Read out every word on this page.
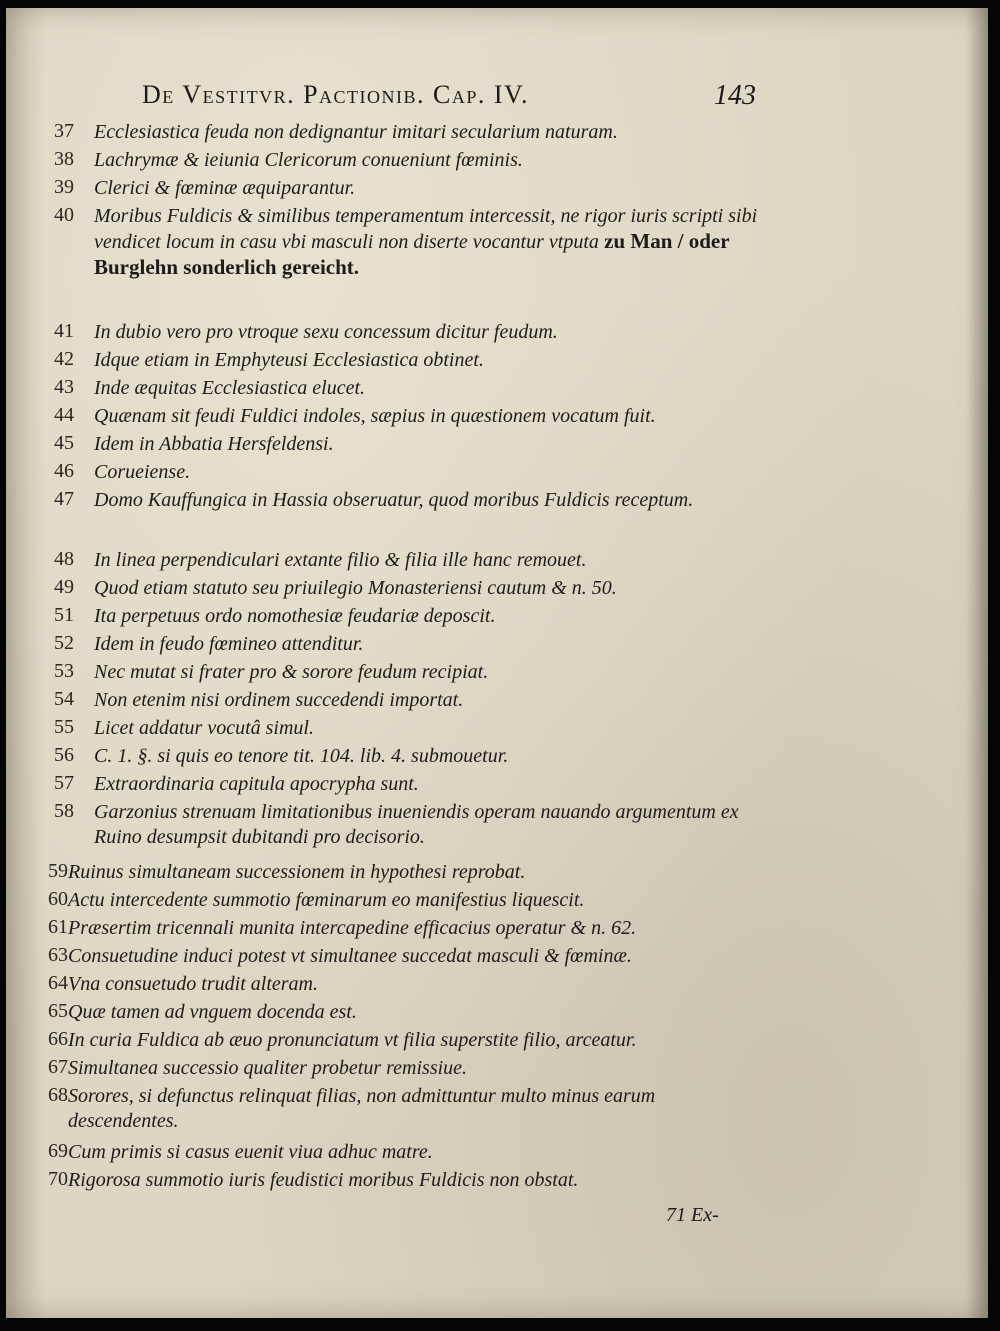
De Vestitvr. Pactionib. Cap. IV.	143
37 Ecclesiastica feuda non dedignantur imitari secularium naturam.
38 Lachrymæ & ieiunia Clericorum conueniunt fœminis.
39 Clerici & fœminæ æquiparantur.
40 Moribus Fuldicis & similibus temperamentum intercessit, ne rigor iuris scripti sibi vendicet locum in casu vbi masculi non diserte vocantur vtputa zu Man / oder Burglehn sonderlich gereicht.
41 In dubio vero pro vtroque sexu concessum dicitur feudum.
42 Idque etiam in Emphyteusi Ecclesiastica obtinet.
43 Inde æquitas Ecclesiastica elucet.
44 Quænam sit feudi Fuldici indoles, sæpius in quæstionem vocatum fuit.
45 Idem in Abbatia Hersfeldensi.
46 Corueiense.
47 Domo Kauffungica in Hassia obseruatur, quod moribus Fuldicis receptum.
48 In linea perpendiculari extante filio & filia ille hanc remouet.
49 Quod etiam statuto seu priuilegio Monasteriensi cautum & n. 50.
51 Ita perpetuus ordo nomothesiæ feudariæ deposcit.
52 Idem in feudo fœmineo attenditur.
53 Nec mutat si frater pro & sorore feudum recipiat.
54 Non etenim nisi ordinem succedendi importat.
55 Licet addatur vocutâ simul.
56 C. 1. §. si quis eo tenore tit. 104. lib. 4. submouetur.
57 Extraordinaria capitula apocrypha sunt.
58 Garzonius strenuam limitationibus inueniendis operam nauando argumentum ex Ruino desumpsit dubitandi pro decisorio.
59 Ruinus simultaneam successionem in hypothesi reprobat.
60 Actu intercedente summotio fœminarum eo manifestius liquescit.
61 Præsertim tricennali munita intercapedine efficacius operatur & n. 62.
63 Consuetudine induci potest vt simultanee succedat masculi & fœminæ.
64 Vna consuetudo trudit alteram.
65 Quæ tamen ad vnguem docenda est.
66 In curia Fuldica ab æuo pronunciatum vt filia superstite filio, arceatur.
67 Simultanea successio qualiter probetur remissiue.
68 Sorores, si defunctus relinquat filias, non admittuntur multo minus earum descendentes.
69 Cum primis si casus euenit viua adhuc matre.
70 Rigorosa summotio iuris feudistici moribus Fuldicis non obstat.
71 Ex-
